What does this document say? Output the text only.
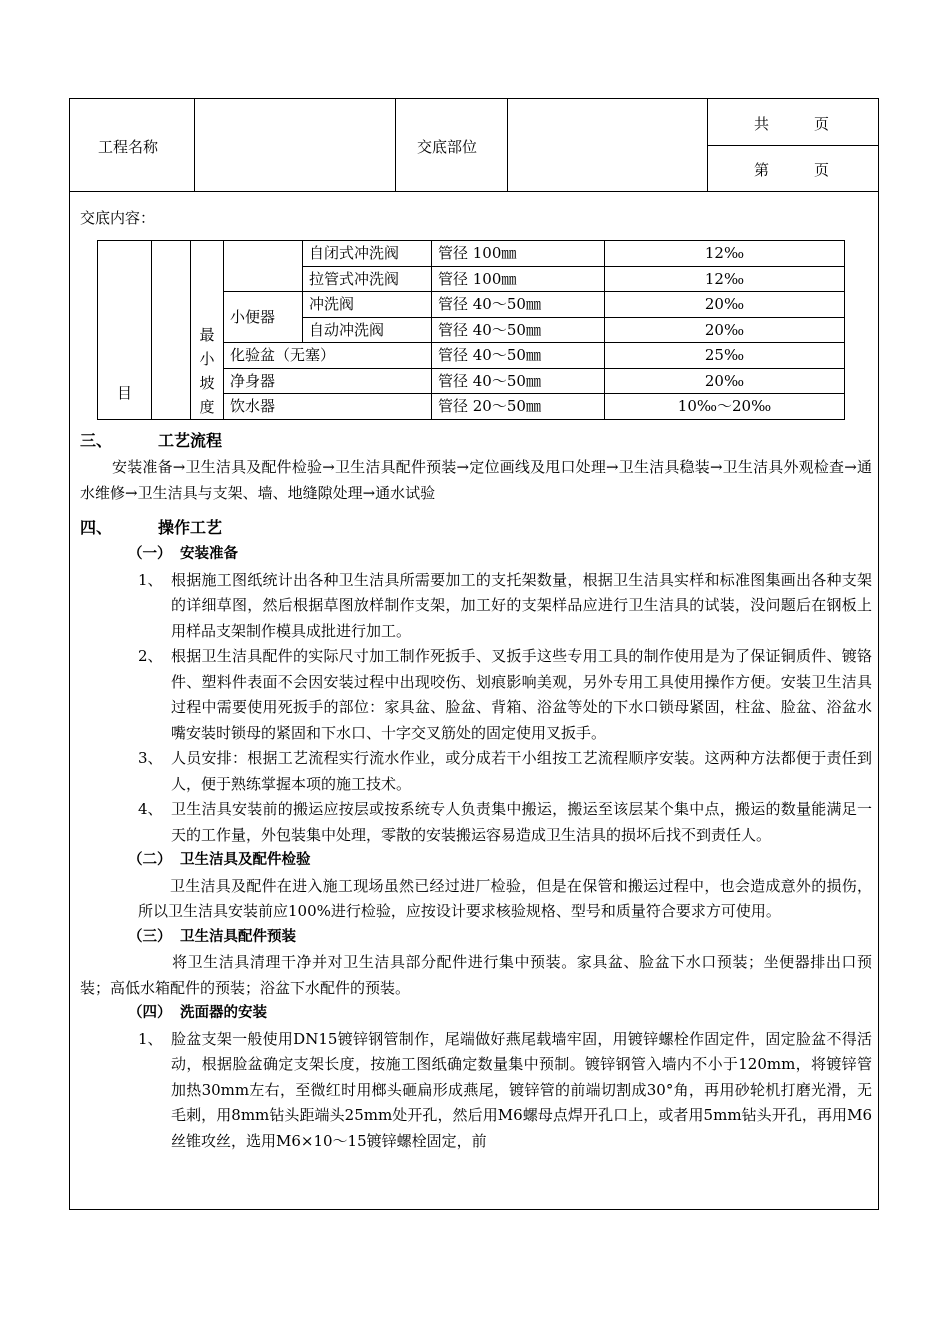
工程名称	交底部位
共　　　页
第　　　页
交底内容：
目		最
小
坡
度		自闭式冲洗阀	管径 100㎜	12‰
				拉管式冲洗阀	管径 100㎜	12‰
			小便器	冲洗阀	管径 40～50㎜	20‰
				自动冲洗阀	管径 40～50㎜	20‰
			化验盆（无塞）		管径 40～50㎜	25‰
			净身器		管径 40～50㎜	20‰
			饮水器		管径 20～50㎜	10‰～20‰

三、	工艺流程

安装准备→卫生洁具及配件检验→卫生洁具配件预装→定位画线及甩口处理→卫生洁具稳装→卫生洁具外观检查→通水维修→卫生洁具与支架、墙、地缝隙处理→通水试验

四、	操作工艺

（一） 安装准备

1、 根据施工图纸统计出各种卫生洁具所需要加工的支托架数量，根据卫生洁具实样和标准图集画出各种支架的详细草图，然后根据草图放样制作支架，加工好的支架样品应进行卫生洁具的试装，没问题后在钢板上用样品支架制作模具成批进行加工。

2、 根据卫生洁具配件的实际尺寸加工制作死扳手、叉扳手这些专用工具的制作使用是为了保证铜质件、镀铬件、塑料件表面不会因安装过程中出现咬伤、划痕影响美观，另外专用工具使用操作方便。安装卫生洁具过程中需要使用死扳手的部位：家具盆、脸盆、背箱、浴盆等处的下水口锁母紧固，柱盆、脸盆、浴盆水嘴安装时锁母的紧固和下水口、十字交叉筋处的固定使用叉扳手。

3、 人员安排：根据工艺流程实行流水作业，或分成若干小组按工艺流程顺序安装。这两种方法都便于责任到人，便于熟练掌握本项的施工技术。

4、 卫生洁具安装前的搬运应按层或按系统专人负责集中搬运，搬运至该层某个集中点，搬运的数量能满足一天的工作量，外包装集中处理，零散的安装搬运容易造成卫生洁具的损坏后找不到责任人。

（二） 卫生洁具及配件检验

卫生洁具及配件在进入施工现场虽然已经过进厂检验，但是在保管和搬运过程中，也会造成意外的损伤，所以卫生洁具安装前应100%进行检验，应按设计要求核验规格、型号和质量符合要求方可使用。

（三） 卫生洁具配件预装

将卫生洁具清理干净并对卫生洁具部分配件进行集中预装。家具盆、脸盆下水口预装；坐便器排出口预装；高低水箱配件的预装；浴盆下水配件的预装。

（四） 洗面器的安装

1、 脸盆支架一般使用DN15镀锌钢管制作，尾端做好燕尾载墙牢固，用镀锌螺栓作固定件，固定脸盆不得活动，根据脸盆确定支架长度，按施工图纸确定数量集中预制。镀锌钢管入墙内不小于120mm，将镀锌管加热30mm左右，至微红时用榔头砸扁形成燕尾，镀锌管的前端切割成30°角，再用砂轮机打磨光滑，无毛刺，用8mm钻头距端头25mm处开孔，然后用M6螺母点焊开孔口上，或者用5mm钻头开孔，再用M6丝锥攻丝，选用M6×10～15镀锌螺栓固定，前
